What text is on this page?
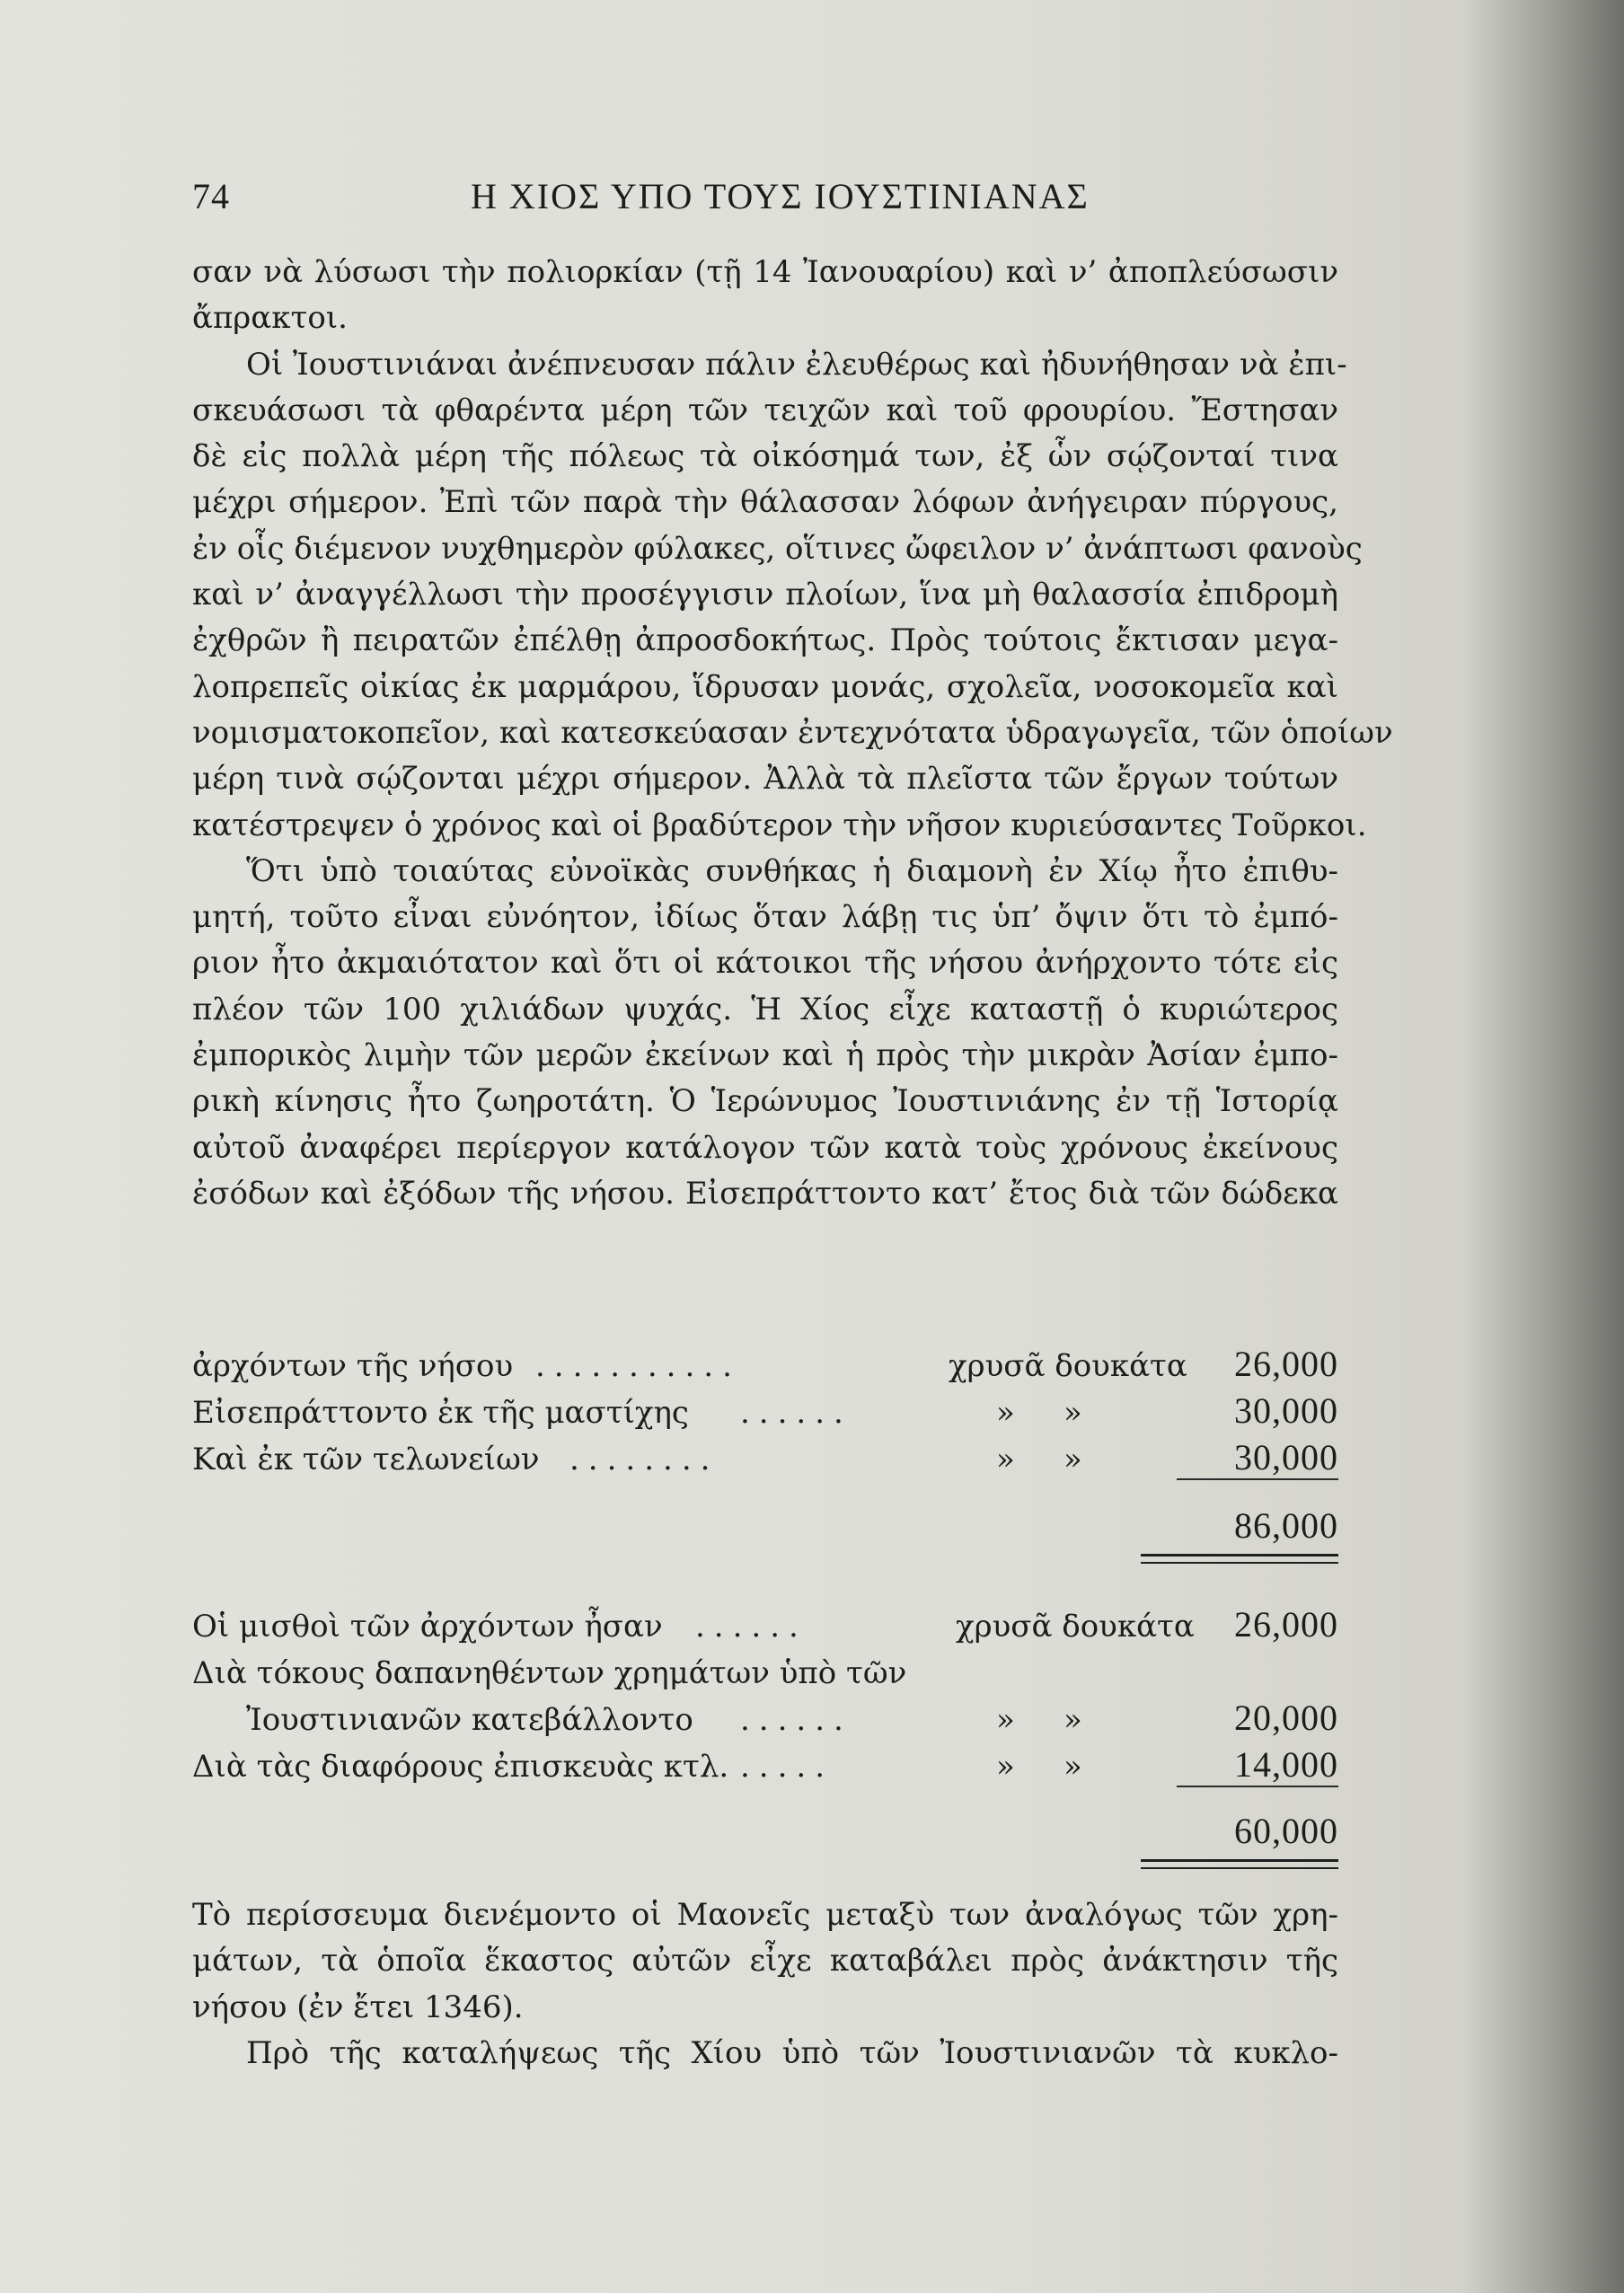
74	Η ΧΙΟΣ ΥΠΟ ΤΟΥΣ ΙΟΥΣΤΙΝΙΑΝΑΣ
σαν νὰ λύσωσι τὴν πολιορκίαν (τῇ 14 Ἰανουαρίου) καὶ ν’ ἀποπλεύσωσιν
ἄπρακτοι.
Οἱ Ἰουστινιάναι ἀνέπνευσαν πάλιν ἐλευθέρως καὶ ἠδυνήθησαν νὰ ἐπι-
σκευάσωσι τὰ φθαρέντα μέρη τῶν τειχῶν καὶ τοῦ φρουρίου. Ἔστησαν
δὲ εἰς πολλὰ μέρη τῆς πόλεως τὰ οἰκόσημά των, ἐξ ὧν σῴζονταί τινα
μέχρι σήμερον. Ἐπὶ τῶν παρὰ τὴν θάλασσαν λόφων ἀνήγειραν πύργους,
ἐν οἷς διέμενον νυχθημερὸν φύλακες, οἵτινες ὤφειλον ν’ ἀνάπτωσι φανοὺς
καὶ ν’ ἀναγγέλλωσι τὴν προσέγγισιν πλοίων, ἵνα μὴ θαλασσία ἐπιδρομὴ
ἐχθρῶν ἢ πειρατῶν ἐπέλθῃ ἀπροσδοκήτως. Πρὸς τούτοις ἔκτισαν μεγα-
λοπρεπεῖς οἰκίας ἐκ μαρμάρου, ἵδρυσαν μονάς, σχολεῖα, νοσοκομεῖα καὶ
νομισματοκοπεῖον, καὶ κατεσκεύασαν ἐντεχνότατα ὑδραγωγεῖα, τῶν ὁποίων
μέρη τινὰ σῴζονται μέχρι σήμερον. Ἀλλὰ τὰ πλεῖστα τῶν ἔργων τούτων
κατέστρεψεν ὁ χρόνος καὶ οἱ βραδύτερον τὴν νῆσον κυριεύσαντες Τοῦρκοι.
Ὅτι ὑπὸ τοιαύτας εὐνοϊκὰς συνθήκας ἡ διαμονὴ ἐν Χίῳ ἦτο ἐπιθυ-
μητή, τοῦτο εἶναι εὐνόητον, ἰδίως ὅταν λάβῃ τις ὑπ’ ὄψιν ὅτι τὸ ἐμπό-
ριον ἦτο ἀκμαιότατον καὶ ὅτι οἱ κάτοικοι τῆς νήσου ἀνήρχοντο τότε εἰς
πλέον τῶν 100 χιλιάδων ψυχάς. Ἡ Χίος εἶχε καταστῇ ὁ κυριώτερος
ἐμπορικὸς λιμὴν τῶν μερῶν ἐκείνων καὶ ἡ πρὸς τὴν μικρὰν Ἀσίαν ἐμπο-
ρικὴ κίνησις ἦτο ζωηροτάτη. Ὁ Ἱερώνυμος Ἰουστινιάνης ἐν τῇ Ἱστορίᾳ
αὐτοῦ ἀναφέρει περίεργον κατάλογον τῶν κατὰ τοὺς χρόνους ἐκείνους
ἐσόδων καὶ ἐξόδων τῆς νήσου. Εἰσεπράττοντο κατ’ ἔτος διὰ τῶν δώδεκα
ἀρχόντων τῆς νήσου ...........	χρυσᾶ δουκάτα	26,000
Εἰσεπράττοντο ἐκ τῆς μαστίχης ......	» »	30,000
Καὶ ἐκ τῶν τελωνείων ........	» »	30,000
86,000
Οἱ μισθοὶ τῶν ἀρχόντων ἦσαν ......	χρυσᾶ δουκάτα	26,000
Διὰ τόκους δαπανηθέντων χρημάτων ὑπὸ τῶν
Ἰουστινιανῶν κατεβάλλοντο ......	» »	20,000
Διὰ τὰς διαφόρους ἐπισκευὰς κτλ. .....	» »	14,000
60,000
Τὸ περίσσευμα διενέμοντο οἱ Μαονεῖς μεταξὺ των ἀναλόγως τῶν χρη-
μάτων, τὰ ὁποῖα ἕκαστος αὐτῶν εἶχε καταβάλει πρὸς ἀνάκτησιν τῆς
νήσου (ἐν ἔτει 1346).
Πρὸ τῆς καταλήψεως τῆς Χίου ὑπὸ τῶν Ἰουστινιανῶν τὰ κυκλο-
